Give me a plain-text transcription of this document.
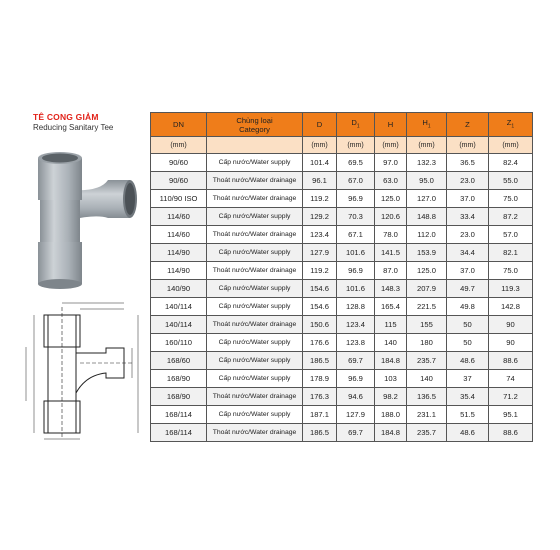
TÊ CONG GIẢM
Reducing Sanitary Tee	DN	Chủng loại
Category	D	$D_1$	H	$H_1$	Z	$Z_1$
(mm)		(mm)	(mm)	(mm)	(mm)	(mm)	(mm)
90/60	Cấp nước/Water supply	101.4	69.5	97.0	132.3	36.5	82.4
90/60	Thoát nước/Water drainage	96.1	67.0	63.0	95.0	23.0	55.0
110/90 ISO	Thoát nước/Water drainage	119.2	96.9	125.0	127.0	37.0	75.0
114/60	Cấp nước/Water supply	129.2	70.3	120.6	148.8	33.4	87.2
114/60	Thoát nước/Water drainage	123.4	67.1	78.0	112.0	23.0	57.0
114/90	Cấp nước/Water supply	127.9	101.6	141.5	153.9	34.4	82.1
114/90	Thoát nước/Water drainage	119.2	96.9	87.0	125.0	37.0	75.0
140/90	Cấp nước/Water supply	154.6	101.6	148.3	207.9	49.7	119.3
140/114	Cấp nước/Water supply	154.6	128.8	165.4	221.5	49.8	142.8
140/114	Thoát nước/Water drainage	150.6	123.4	115	155	50	90
160/110	Cấp nước/Water supply	176.6	123.8	140	180	50	90
168/60	Cấp nước/Water supply	186.5	69.7	184.8	235.7	48.6	88.6
168/90	Cấp nước/Water supply	178.9	96.9	103	140	37	74
168/90	Thoát nước/Water drainage	176.3	94.6	98.2	136.5	35.4	71.2
168/114	Cấp nước/Water supply	187.1	127.9	188.0	231.1	51.5	95.1
168/114	Thoát nước/Water drainage	186.5	69.7	184.8	235.7	48.6	88.6
